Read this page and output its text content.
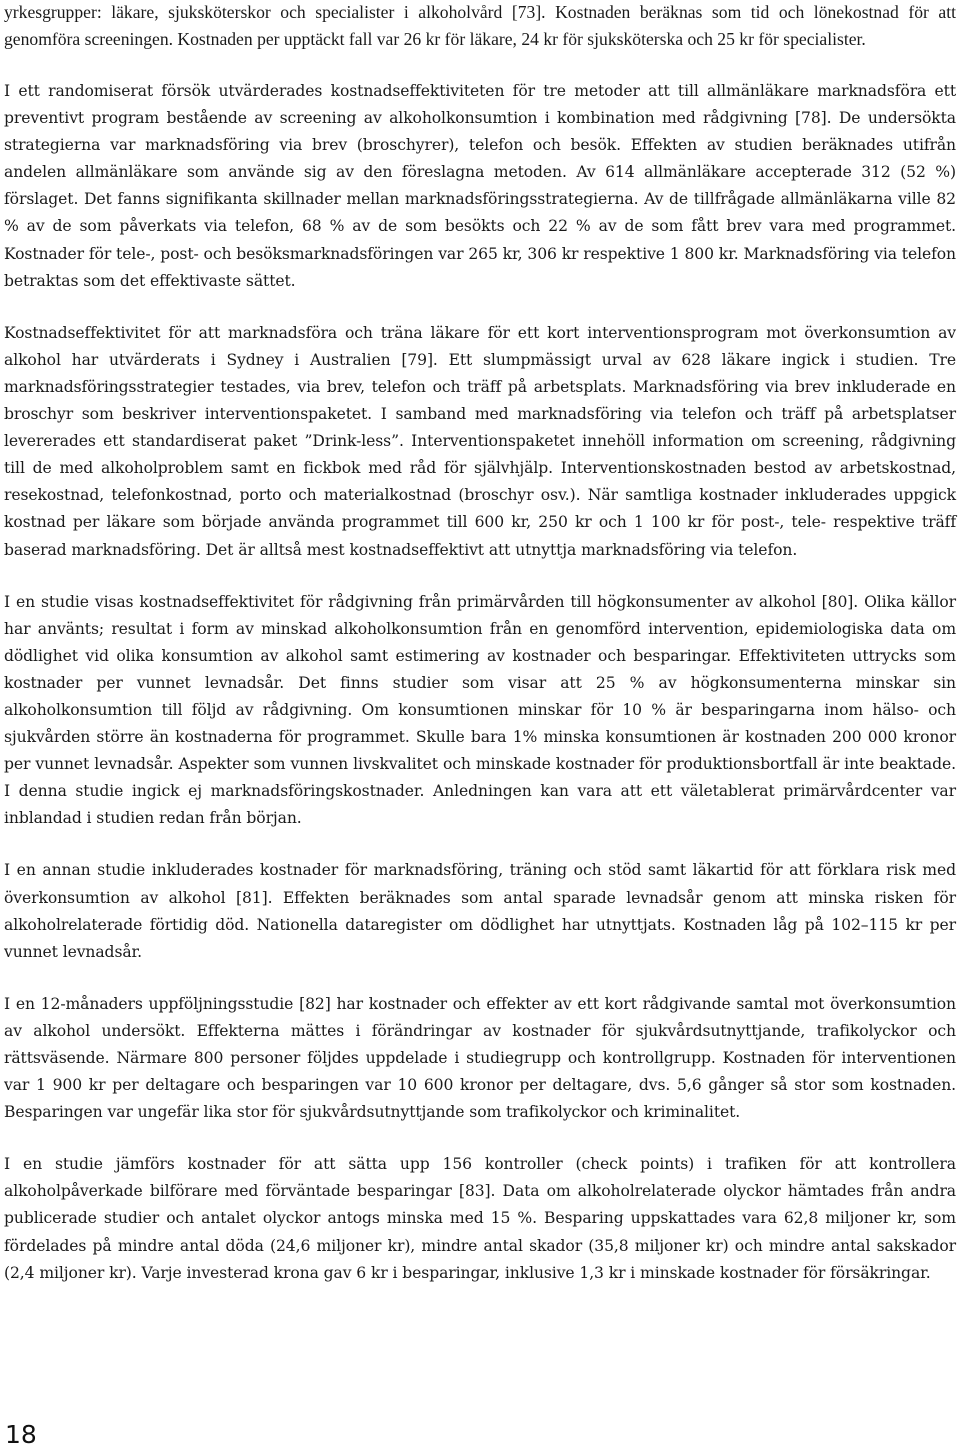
yrkesgrupper: läkare, sjuksköterskor och specialister i alkoholvård [73]. Kostnaden beräknas som tid och lönekostnad för att genomföra screeningen. Kostnaden per upptäckt fall var 26 kr för läkare, 24 kr för sjuksköterska och 25 kr för specialister.

I ett randomiserat försök utvärderades kostnadseffektiviteten för tre metoder att till allmänläkare marknadsföra ett preventivt program bestående av screening av alkoholkonsumtion i kombination med rådgivning [78]. De undersökta strategierna var marknadsföring via brev (broschyrer), telefon och besök. Effekten av studien beräknades utifrån andelen allmänläkare som använde sig av den föreslagna metoden. Av 614 allmänläkare accepterade 312 (52 %) förslaget. Det fanns signifikanta skillnader mellan marknadsföringsstrategierna. Av de tillfrågade allmänläkarna ville 82 % av de som påverkats via telefon, 68 % av de som besökts och 22 % av de som fått brev vara med programmet. Kostnader för tele-, post- och besöksmarknadsföringen var 265 kr, 306 kr respektive 1 800 kr. Marknadsföring via telefon betraktas som det effektivaste sättet.

Kostnadseffektivitet för att marknadsföra och träna läkare för ett kort interventionsprogram mot överkonsumtion av alkohol har utvärderats i Sydney i Australien [79]. Ett slumpmässigt urval av 628 läkare ingick i studien. Tre marknadsföringsstrategier testades, via brev, telefon och träff på arbetsplats. Marknadsföring via brev inkluderade en broschyr som beskriver interventionspaketet. I samband med marknadsföring via telefon och träff på arbetsplatser levererades ett standardiserat paket ”Drink-less”. Interventionspaketet innehöll information om screening, rådgivning till de med alkoholproblem samt en fickbok med råd för självhjälp. Interventionskostnaden bestod av arbetskostnad, resekostnad, telefonkostnad, porto och materialkostnad (broschyr osv.). När samtliga kostnader inkluderades uppgick kostnad per läkare som började använda programmet till 600 kr, 250 kr och 1 100 kr för post-, tele- respektive träff baserad marknadsföring. Det är alltså mest kostnadseffektivt att utnyttja marknadsföring via telefon.

I en studie visas kostnadseffektivitet för rådgivning från primärvården till högkonsumenter av alkohol [80]. Olika källor har använts; resultat i form av minskad alkoholkonsumtion från en genomförd intervention, epidemiologiska data om dödlighet vid olika konsumtion av alkohol samt estimering av kostnader och besparingar. Effektiviteten uttrycks som kostnader per vunnet levnadsår. Det finns studier som visar att 25 % av högkonsumenterna minskar sin alkoholkonsumtion till följd av rådgivning. Om konsumtionen minskar för 10 % är besparingarna inom hälso- och sjukvården större än kostnaderna för programmet. Skulle bara 1% minska konsumtionen är kostnaden 200 000 kronor per vunnet levnadsår. Aspekter som vunnen livskvalitet och minskade kostnader för produktionsbortfall är inte beaktade. I denna studie ingick ej marknadsföringskostnader. Anledningen kan vara att ett väletablerat primärvårdcenter var inblandad i studien redan från början.

I en annan studie inkluderades kostnader för marknadsföring, träning och stöd samt läkartid för att förklara risk med överkonsumtion av alkohol [81]. Effekten beräknades som antal sparade levnadsår genom att minska risken för alkoholrelaterade förtidig död. Nationella dataregister om dödlighet har utnyttjats. Kostnaden låg på 102–115 kr per vunnet levnadsår.

I en 12-månaders uppföljningsstudie [82] har kostnader och effekter av ett kort rådgivande samtal mot överkonsumtion av alkohol undersökt. Effekterna mättes i förändringar av kostnader för sjukvårdsutnyttjande, trafikolyckor och rättsväsende. Närmare 800 personer följdes uppdelade i studiegrupp och kontrollgrupp. Kostnaden för interventionen var 1 900 kr per deltagare och besparingen var 10 600 kronor per deltagare, dvs. 5,6 gånger så stor som kostnaden. Besparingen var ungefär lika stor för sjukvårdsutnyttjande som trafikolyckor och kriminalitet.

I en studie jämförs kostnader för att sätta upp 156 kontroller (check points) i trafiken för att kontrollera alkoholpåverkade bilförare med förväntade besparingar [83]. Data om alkoholrelaterade olyckor hämtades från andra publicerade studier och antalet olyckor antogs minska med 15 %. Besparing uppskattades vara 62,8 miljoner kr, som fördelades på mindre antal döda (24,6 miljoner kr), mindre antal skador (35,8 miljoner kr) och mindre antal sakskador (2,4 miljoner kr). Varje investerad krona gav 6 kr i besparingar, inklusive 1,3 kr i minskade kostnader för försäkringar.

18
